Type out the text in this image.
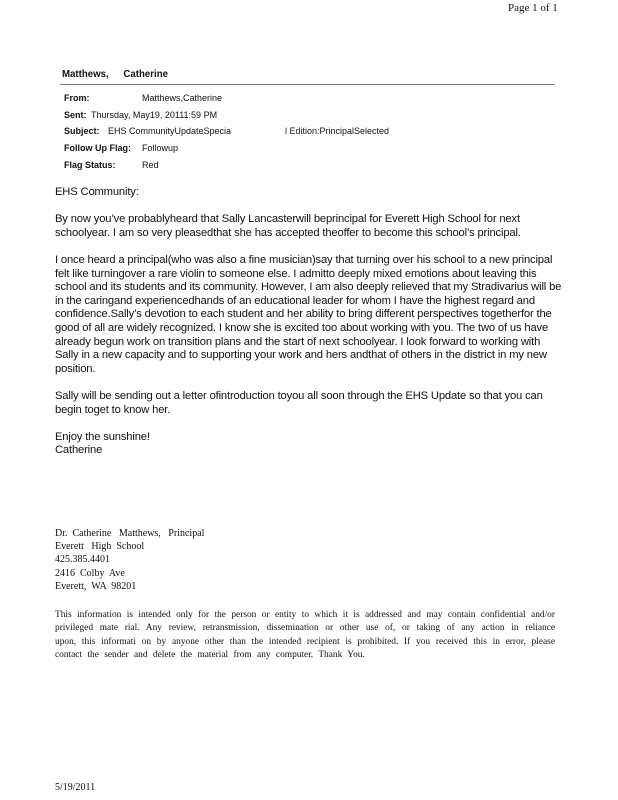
Page 1 of 1
Matthews, Catherine
From:	Matthews,Catherine
Sent: Thursday, May19, 20111:59 PM
Subject: EHS CommunityUpdateSpecia	l Edition:PrincipalSelected
Follow Up Flag: Followup
Flag Status:	Red

EHS Community:

By now you’ve probablyheard that Sally Lancasterwill beprincipal for Everett High School for next schoolyear. I am so very pleasedthat she has accepted theoffer to become this school’s principal.

I once heard a principal(who was also a fine musician)say that turning over his school to a new principal felt like turningover a rare violin to someone else. I admitto deeply mixed emotions about leaving this school and its students and its community. However, I am also deeply relieved that my Stradivarius will be in the caringand experiencedhands of an educational leader for whom I have the highest regard and confidence.Sally’s devotion to each student and her ability to bring different perspectives togetherfor the good of all are widely recognized. I know she is excited too about working with you. The two of us have already begun work on transition plans and the start of next schoolyear. I look forward to working with Sally in a new capacity and to supporting your work and hers andthat of others in the district in my new position.

Sally will be sending out a letter ofintroduction toyou all soon through the EHS Update so that you can begin toget to know her.

Enjoy the sunshine!
Catherine
Dr.  Catherine   Matthews,   Principal
Everett   High  School
425.385.4401
2416  Colby  Ave
Everett,  WA  98201
This information is intended only for the person or entity to which it is addressed and may contain confidential and/or privileged mate rial. Any review, retransmission, dissemination or other use of, or taking of any action in reliance upon, this informati on by anyone other than the intended recipient is prohibited. If you received this in error, please contact the sender and delete the material from any computer. Thank You.
5/19/2011
